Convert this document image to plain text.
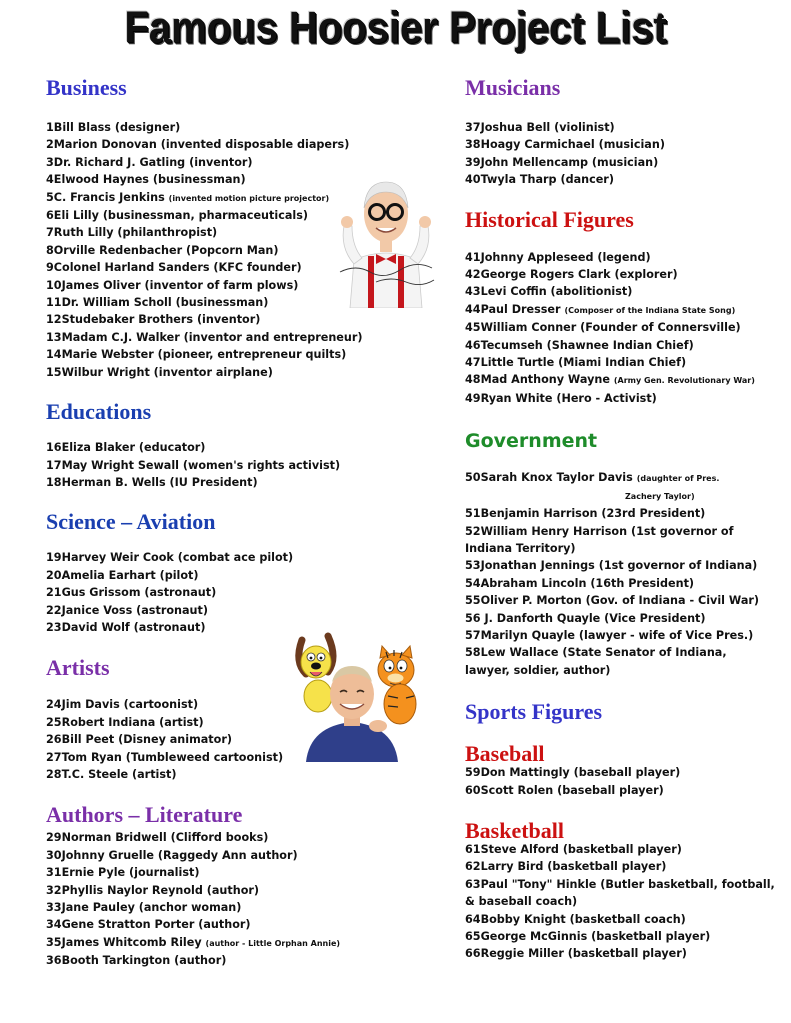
Famous Hoosier Project List
Business
1Bill Blass (designer)
2Marion Donovan (invented disposable diapers)
3Dr. Richard J. Gatling (inventor)
4Elwood Haynes (businessman)
5C. Francis Jenkins (invented motion picture projector)
6Eli Lilly (businessman, pharmaceuticals)
7Ruth Lilly (philanthropist)
8Orville Redenbacher (Popcorn Man)
9Colonel Harland Sanders (KFC founder)
10James Oliver (inventor of farm plows)
11Dr. William Scholl (businessman)
12Studebaker Brothers (inventor)
13Madam C.J. Walker (inventor and entrepreneur)
14Marie Webster (pioneer, entrepreneur quilts)
15Wilbur Wright (inventor airplane)
Educations
16Eliza Blaker (educator)
17May Wright Sewall (women's rights activist)
18Herman B. Wells (IU President)
Science – Aviation
19Harvey Weir Cook (combat ace pilot)
20Amelia Earhart (pilot)
21Gus Grissom (astronaut)
22Janice Voss (astronaut)
23David Wolf (astronaut)
Artists
24Jim Davis (cartoonist)
25Robert Indiana (artist)
26Bill Peet (Disney animator)
27Tom Ryan (Tumbleweed cartoonist)
28T.C. Steele (artist)
Authors – Literature
29Norman Bridwell (Clifford books)
30Johnny Gruelle (Raggedy Ann author)
31Ernie Pyle (journalist)
32Phyllis Naylor Reynold (author)
33Jane Pauley (anchor woman)
34Gene Stratton Porter (author)
35James Whitcomb Riley (author - Little Orphan Annie)
36Booth Tarkington (author)
Musicians
37Joshua Bell (violinist)
38Hoagy Carmichael (musician)
39John Mellencamp (musician)
40Twyla Tharp (dancer)
Historical Figures
41Johnny Appleseed (legend)
42George Rogers Clark (explorer)
43Levi Coffin (abolitionist)
44Paul Dresser (Composer of the Indiana State Song)
45William Conner (Founder of Connersville)
46Tecumseh (Shawnee Indian Chief)
47Little Turtle (Miami Indian Chief)
48Mad Anthony Wayne (Army Gen. Revolutionary War)
49Ryan White (Hero - Activist)
Government
50Sarah Knox Taylor Davis (daughter of Pres.
Zachery Taylor)
51Benjamin Harrison (23rd President)
52William Henry Harrison (1st governor of Indiana Territory)
53Jonathan Jennings (1st governor of Indiana)
54Abraham Lincoln (16th President)
55Oliver P. Morton (Gov. of Indiana - Civil War)
56 J. Danforth Quayle (Vice President)
57Marilyn Quayle (lawyer - wife of Vice Pres.)
58Lew Wallace (State Senator of Indiana, lawyer, soldier, author)
Sports Figures
Baseball
59Don Mattingly (baseball player)
60Scott Rolen (baseball player)
Basketball
61Steve Alford (basketball player)
62Larry Bird (basketball player)
63Paul "Tony" Hinkle (Butler basketball, football, & baseball coach)
64Bobby Knight (basketball coach)
65George McGinnis (basketball player)
66Reggie Miller (basketball player)
